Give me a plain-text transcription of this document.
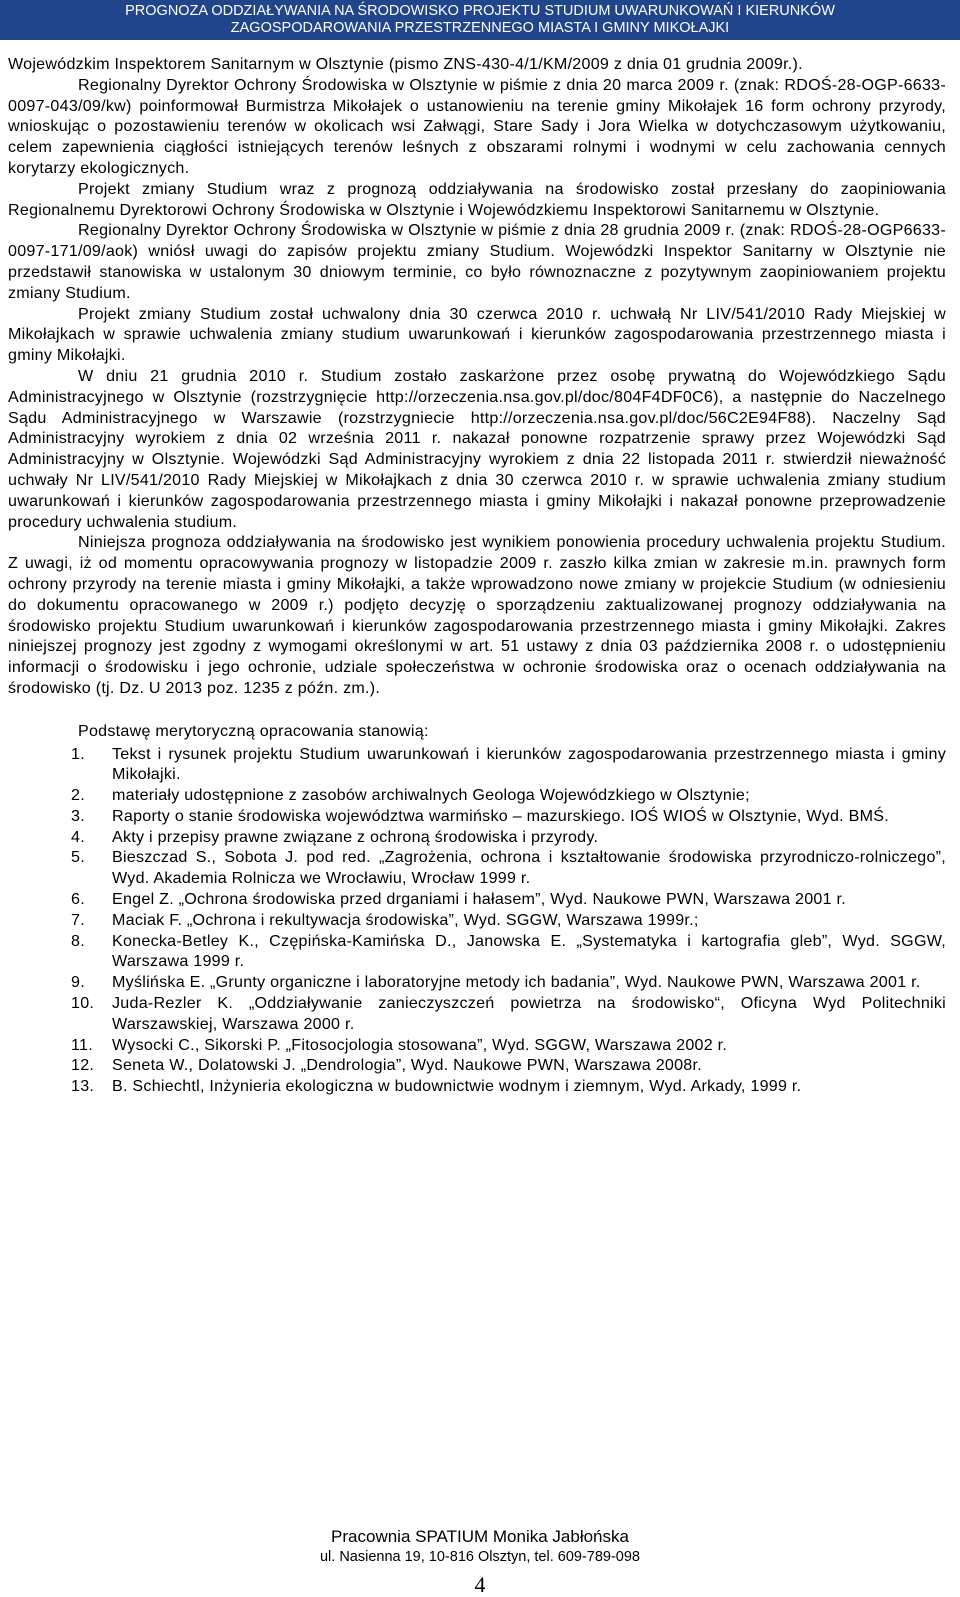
PROGNOZA ODDZIAŁYWANIA NA ŚRODOWISKO PROJEKTU STUDIUM UWARUNKOWAŃ I KIERUNKÓW
ZAGOSPODAROWANIA PRZESTRZENNEGO MIASTA I GMINY MIKOŁAJKI

Wojewódzkim Inspektorem Sanitarnym w Olsztynie (pismo ZNS-430-4/1/KM/2009 z dnia 01 grudnia 2009r.).

Regionalny Dyrektor Ochrony Środowiska w Olsztynie w piśmie z dnia 20 marca 2009 r. (znak: RDOŚ-28-OGP-6633-0097-043/09/kw) poinformował Burmistrza Mikołajek o ustanowieniu na terenie gminy Mikołajek 16 form ochrony przyrody, wnioskując o pozostawieniu terenów w okolicach wsi Załwągi, Stare Sady i Jora Wielka w dotychczasowym użytkowaniu, celem zapewnienia ciągłości istniejących terenów leśnych z obszarami rolnymi i wodnymi w celu zachowania cennych korytarzy ekologicznych.

Projekt zmiany Studium wraz z prognozą oddziaływania na środowisko został przesłany do zaopiniowania Regionalnemu Dyrektorowi Ochrony Środowiska w Olsztynie i Wojewódzkiemu Inspektorowi Sanitarnemu w Olsztynie.

Regionalny Dyrektor Ochrony Środowiska w Olsztynie w piśmie z dnia 28 grudnia 2009 r. (znak: RDOŚ-28-OGP6633-0097-171/09/aok) wniósł uwagi do zapisów projektu zmiany Studium. Wojewódzki Inspektor Sanitarny w Olsztynie nie przedstawił stanowiska w ustalonym 30 dniowym terminie, co było równoznaczne z pozytywnym zaopiniowaniem projektu zmiany Studium.

Projekt zmiany Studium został uchwalony dnia 30 czerwca 2010 r. uchwałą Nr LIV/541/2010 Rady Miejskiej w Mikołajkach w sprawie uchwalenia zmiany studium uwarunkowań i kierunków zagospodarowania przestrzennego miasta i gminy Mikołajki.

W dniu 21 grudnia 2010 r. Studium zostało zaskarżone przez osobę prywatną do Wojewódzkiego Sądu Administracyjnego w Olsztynie (rozstrzygnięcie http://orzeczenia.nsa.gov.pl/doc/804F4DF0C6), a następnie do Naczelnego Sądu Administracyjnego w Warszawie (rozstrzygniecie http://orzeczenia.nsa.gov.pl/doc/56C2E94F88). Naczelny Sąd Administracyjny wyrokiem z dnia 02 września 2011 r. nakazał ponowne rozpatrzenie sprawy przez Wojewódzki Sąd Administracyjny w Olsztynie. Wojewódzki Sąd Administracyjny wyrokiem z dnia 22 listopada 2011 r. stwierdził nieważność uchwały Nr LIV/541/2010 Rady Miejskiej w Mikołajkach z dnia 30 czerwca 2010 r. w sprawie uchwalenia zmiany studium uwarunkowań i kierunków zagospodarowania przestrzennego miasta i gminy Mikołajki i nakazał ponowne przeprowadzenie procedury uchwalenia studium.

Niniejsza prognoza oddziaływania na środowisko jest wynikiem ponowienia procedury uchwalenia projektu Studium. Z uwagi, iż od momentu opracowywania prognozy w listopadzie 2009 r. zaszło kilka zmian w zakresie m.in. prawnych form ochrony przyrody na terenie miasta i gminy Mikołajki, a także wprowadzono nowe zmiany w projekcie Studium (w odniesieniu do dokumentu opracowanego w 2009 r.) podjęto decyzję o sporządzeniu zaktualizowanej prognozy oddziaływania na środowisko projektu Studium uwarunkowań i kierunków zagospodarowania przestrzennego miasta i gminy Mikołajki. Zakres niniejszej prognozy jest zgodny z wymogami określonymi w art. 51 ustawy z dnia 03 października 2008 r. o udostępnieniu informacji o środowisku i jego ochronie, udziale społeczeństwa w ochronie środowiska oraz o ocenach oddziaływania na środowisko (tj. Dz. U 2013 poz. 1235 z późn. zm.).

Podstawę merytoryczną opracowania stanowią:

1.	Tekst i rysunek projektu Studium uwarunkowań i kierunków zagospodarowania przestrzennego miasta i gminy Mikołajki.
2.	materiały udostępnione z zasobów archiwalnych Geologa Wojewódzkiego w Olsztynie;
3.	Raporty o stanie środowiska województwa warmińsko – mazurskiego. IOŚ WIOŚ w Olsztynie, Wyd. BMŚ.
4.	Akty i przepisy prawne związane z ochroną środowiska i przyrody.
5.	Bieszczad S., Sobota J. pod red. „Zagrożenia, ochrona i kształtowanie środowiska przyrodniczo-rolniczego”, Wyd. Akademia Rolnicza we Wrocławiu, Wrocław 1999 r.
6.	Engel Z. „Ochrona środowiska przed drganiami i hałasem”, Wyd. Naukowe PWN, Warszawa 2001 r.
7.	Maciak F. „Ochrona i rekultywacja środowiska”, Wyd. SGGW, Warszawa 1999r.;
8.	Konecka-Betley K., Czępińska-Kamińska D., Janowska E. „Systematyka i kartografia gleb”, Wyd. SGGW, Warszawa 1999 r.
9.	Myślińska E. „Grunty organiczne i laboratoryjne metody ich badania”, Wyd. Naukowe PWN, Warszawa 2001 r.
10.	Juda-Rezler K. „Oddziaływanie zanieczyszczeń powietrza na środowisko“, Oficyna Wyd Politechniki Warszawskiej, Warszawa 2000 r.
11.	Wysocki C., Sikorski P. „Fitosocjologia stosowana”, Wyd. SGGW, Warszawa 2002 r.
12.	Seneta W., Dolatowski J. „Dendrologia”, Wyd. Naukowe PWN, Warszawa 2008r.
13.	B. Schiechtl, Inżynieria ekologiczna w budownictwie wodnym i ziemnym, Wyd. Arkady, 1999 r.
Pracownia SPATIUM Monika Jabłońska
ul. Nasienna 19, 10-816 Olsztyn, tel. 609-789-098
4
